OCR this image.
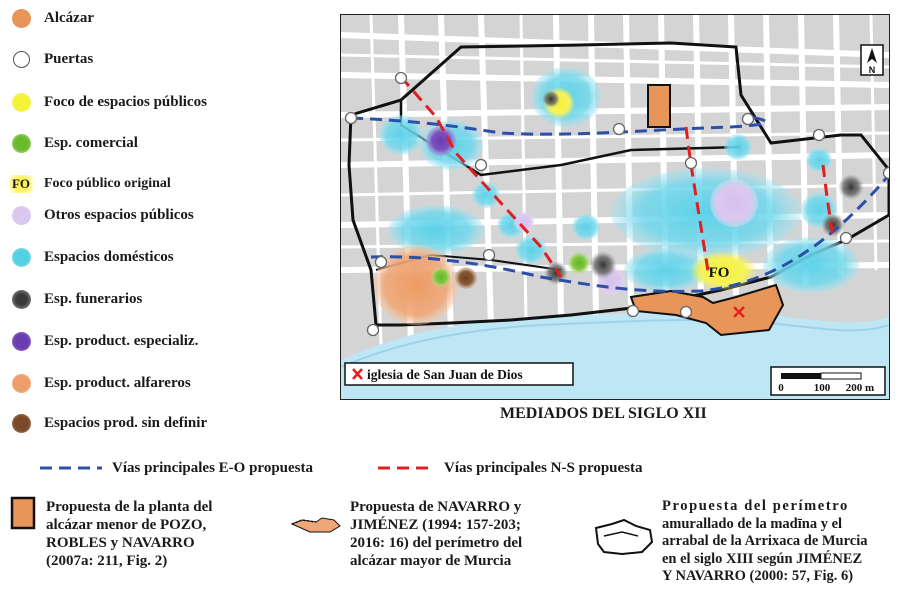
Alcázar
Puertas
Foco de espacios públicos
Esp. comercial
FO Foco público original
Otros espacios públicos
Espacios domésticos
Esp. funerarios
Esp. product. especializ.
Esp. product. alfareros
Espacios prod. sin definir
FO
N
iglesia de San Juan de Dios
0	100 200 m
MEDIADOS DEL SIGLO XII
Vías principales E-O propuesta	Vías principales N-S propuesta
Propuesta de la planta del
alcázar menor de POZO,
ROBLES y NAVARRO
(2007a: 211, Fig. 2)
Propuesta de NAVARRO y
JIMÉNEZ (1994: 157-203;
2016: 16) del perímetro del
alcázar mayor de Murcia
Propuesta del perímetro
amurallado de la madīna y el
arrabal de la Arrixaca de Murcia
en el siglo XIII según JIMÉNEZ
Y NAVARRO (2000: 57, Fig. 6)
